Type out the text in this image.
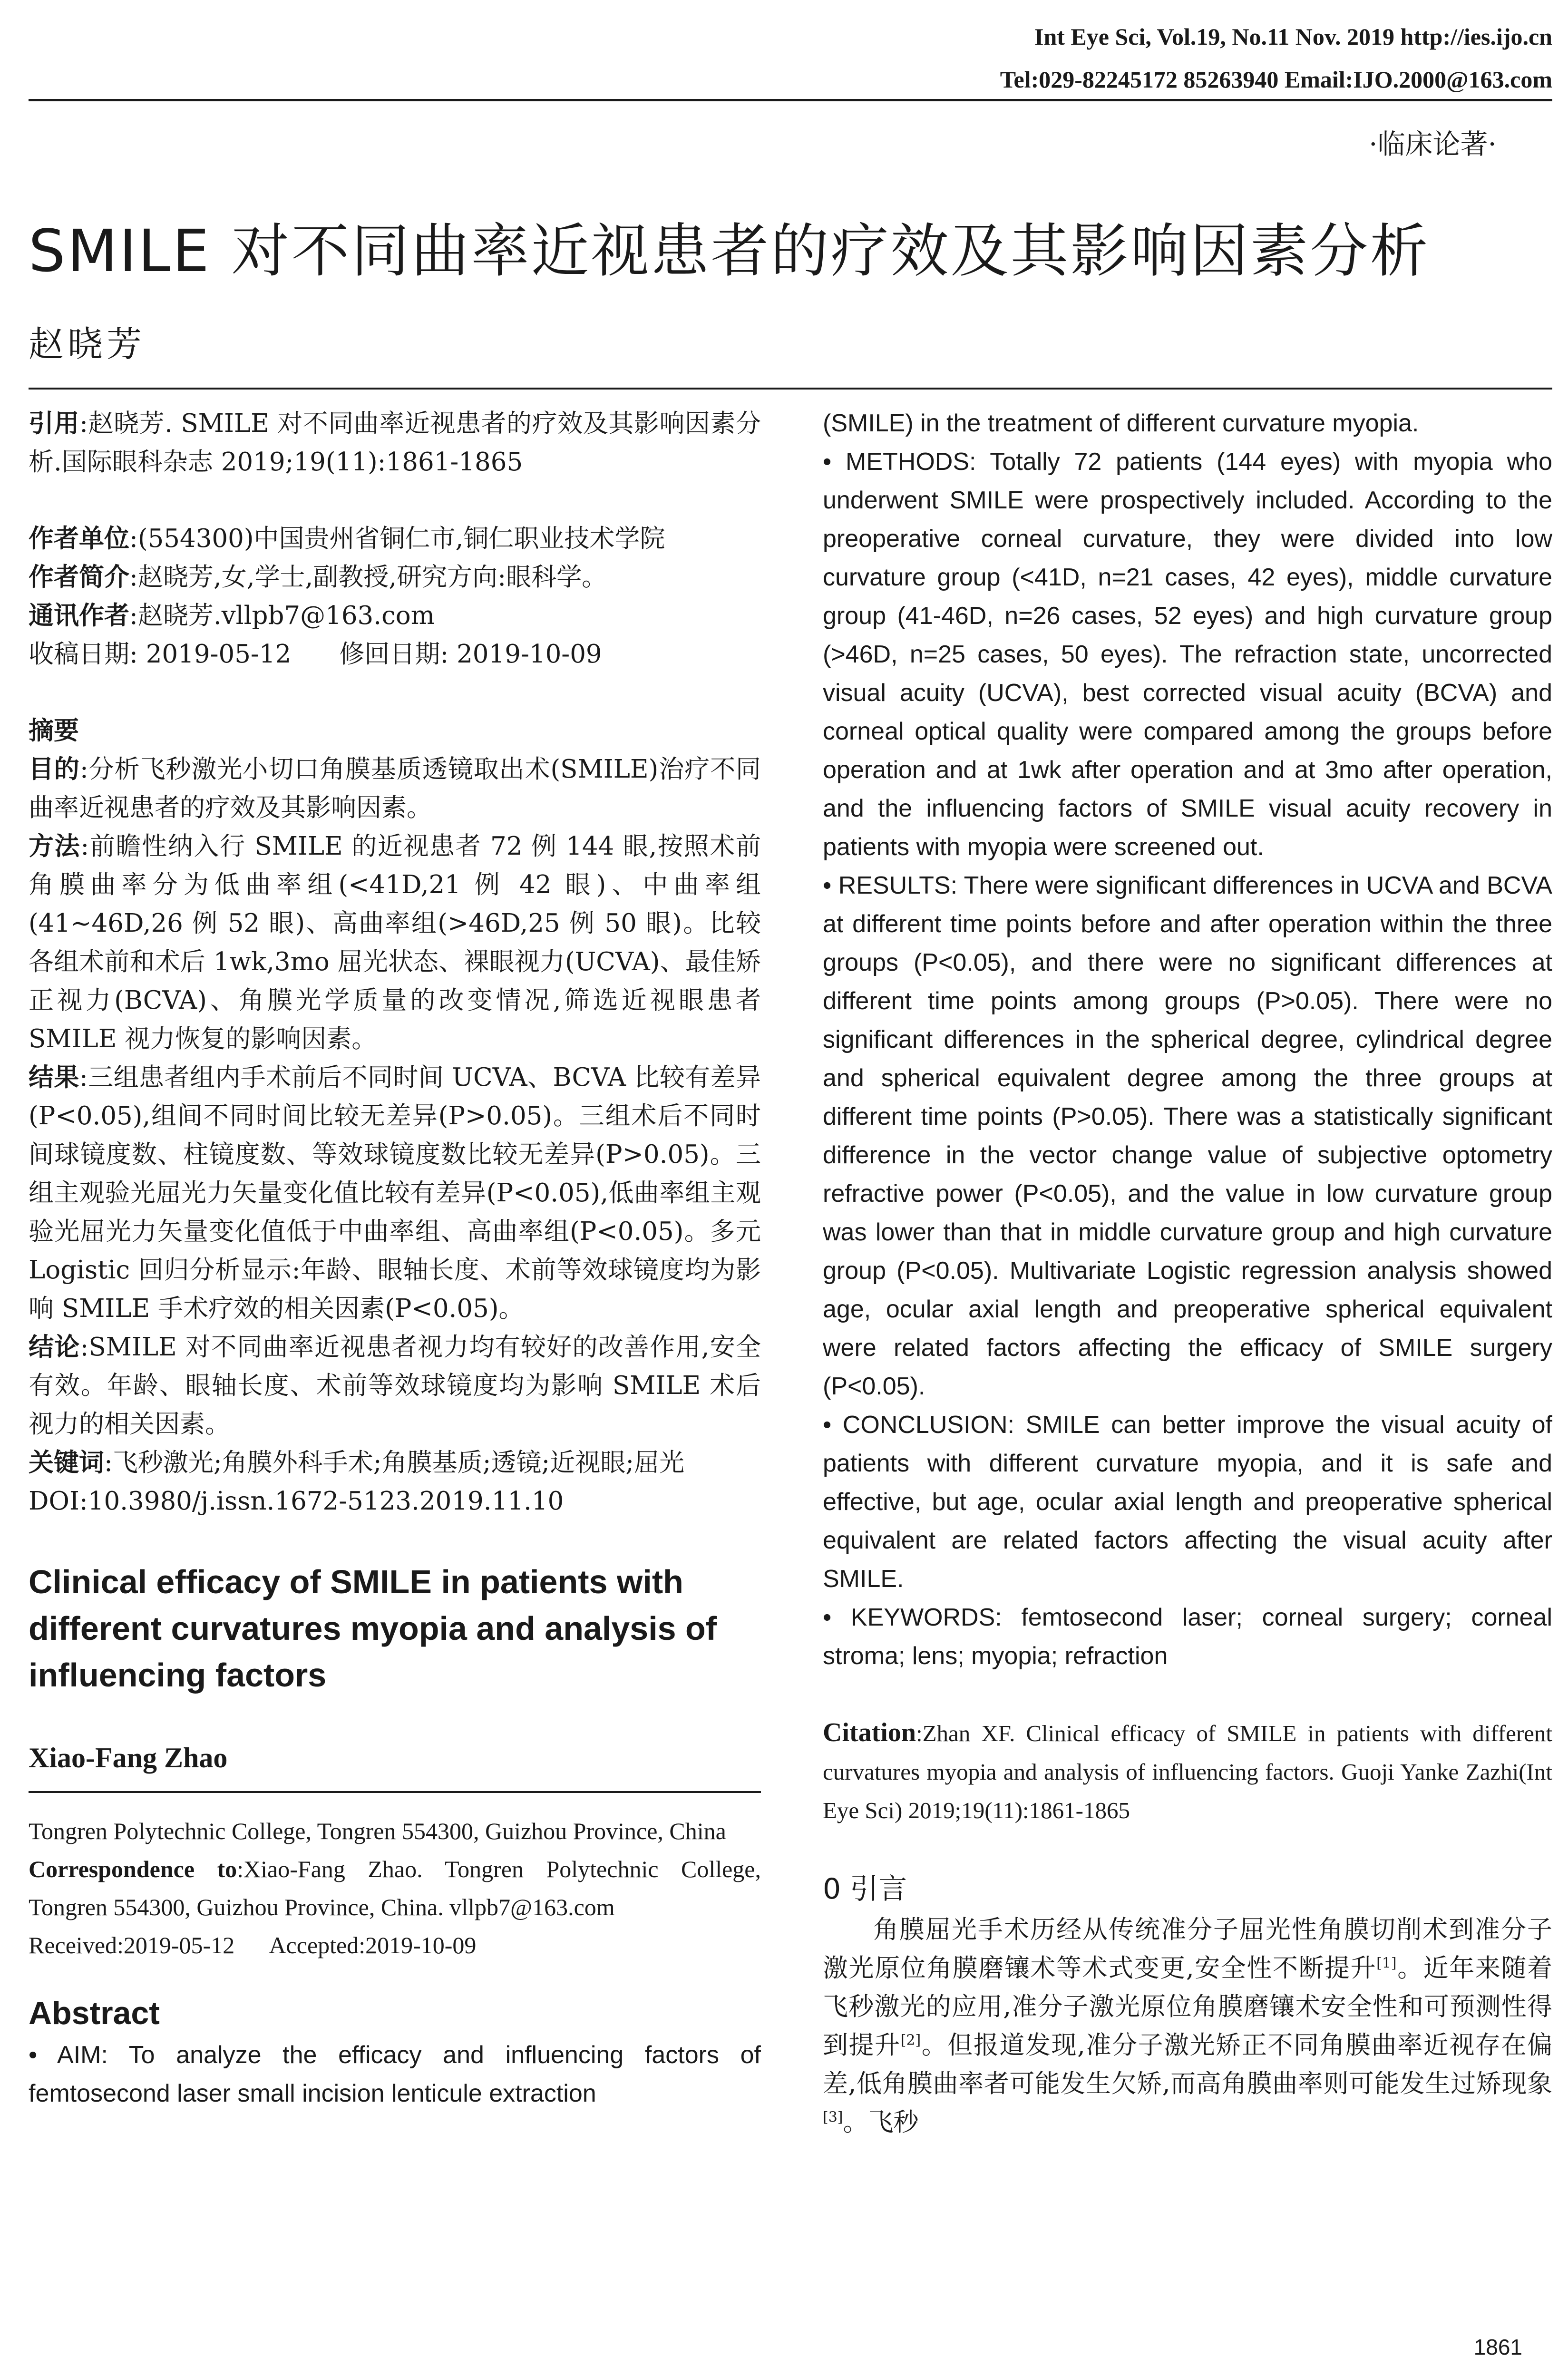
Int Eye Sci, Vol.19, No.11 Nov. 2019 http://ies.ijo.cn
Tel:029-82245172 85263940 Email:IJO.2000@163.com
·临床论著·
SMILE 对不同曲率近视患者的疗效及其影响因素分析
赵晓芳

引用:赵晓芳. SMILE 对不同曲率近视患者的疗效及其影响因素分析.国际眼科杂志 2019;19(11):1861-1865

作者单位:(554300)中国贵州省铜仁市,铜仁职业技术学院

作者简介:赵晓芳,女,学士,副教授,研究方向:眼科学。

通讯作者:赵晓芳.vllpb7@163.com

收稿日期: 2019-05-12      修回日期: 2019-10-09

摘要

目的:分析飞秒激光小切口角膜基质透镜取出术(SMILE)治疗不同曲率近视患者的疗效及其影响因素。

方法:前瞻性纳入行 SMILE 的近视患者 72 例 144 眼,按照术前角膜曲率分为低曲率组(<41D,21 例 42 眼)、中曲率组(41~46D,26 例 52 眼)、高曲率组(>46D,25 例 50 眼)。比较各组术前和术后 1wk,3mo 屈光状态、裸眼视力(UCVA)、最佳矫正视力(BCVA)、角膜光学质量的改变情况,筛选近视眼患者 SMILE 视力恢复的影响因素。

结果:三组患者组内手术前后不同时间 UCVA、BCVA 比较有差异(P<0.05),组间不同时间比较无差异(P>0.05)。三组术后不同时间球镜度数、柱镜度数、等效球镜度数比较无差异(P>0.05)。三组主观验光屈光力矢量变化值比较有差异(P<0.05),低曲率组主观验光屈光力矢量变化值低于中曲率组、高曲率组(P<0.05)。多元 Logistic 回归分析显示:年龄、眼轴长度、术前等效球镜度均为影响 SMILE 手术疗效的相关因素(P<0.05)。

结论:SMILE 对不同曲率近视患者视力均有较好的改善作用,安全有效。年龄、眼轴长度、术前等效球镜度均为影响 SMILE 术后视力的相关因素。

关键词:飞秒激光;角膜外科手术;角膜基质;透镜;近视眼;屈光

DOI:10.3980/j.issn.1672-5123.2019.11.10

Clinical efficacy of SMILE in patients with different curvatures myopia and analysis of influencing factors

Xiao-Fang Zhao

Tongren Polytechnic College, Tongren 554300, Guizhou Province, China

Correspondence to:Xiao-Fang Zhao. Tongren Polytechnic College, Tongren 554300, Guizhou Province, China. vllpb7@163.com

Received:2019-05-12      Accepted:2019-10-09

Abstract

• AIM: To analyze the efficacy and influencing factors of femtosecond laser small incision lenticule extraction

(SMILE) in the treatment of different curvature myopia.

• METHODS: Totally 72 patients (144 eyes) with myopia who underwent SMILE were prospectively included. According to the preoperative corneal curvature, they were divided into low curvature group (<41D, n=21 cases, 42 eyes), middle curvature group (41-46D, n=26 cases, 52 eyes) and high curvature group (>46D, n=25 cases, 50 eyes). The refraction state, uncorrected visual acuity (UCVA), best corrected visual acuity (BCVA) and corneal optical quality were compared among the groups before operation and at 1wk after operation and at 3mo after operation, and the influencing factors of SMILE visual acuity recovery in patients with myopia were screened out.

• RESULTS: There were significant differences in UCVA and BCVA at different time points before and after operation within the three groups (P<0.05), and there were no significant differences at different time points among groups (P>0.05). There were no significant differences in the spherical degree, cylindrical degree and spherical equivalent degree among the three groups at different time points (P>0.05). There was a statistically significant difference in the vector change value of subjective optometry refractive power (P<0.05), and the value in low curvature group was lower than that in middle curvature group and high curvature group (P<0.05). Multivariate Logistic regression analysis showed age, ocular axial length and preoperative spherical equivalent were related factors affecting the efficacy of SMILE surgery (P<0.05).

• CONCLUSION: SMILE can better improve the visual acuity of patients with different curvature myopia, and it is safe and effective, but age, ocular axial length and preoperative spherical equivalent are related factors affecting the visual acuity after SMILE.

• KEYWORDS: femtosecond laser; corneal surgery; corneal stroma; lens; myopia; refraction

Citation:Zhan XF. Clinical efficacy of SMILE in patients with different curvatures myopia and analysis of influencing factors. Guoji Yanke Zazhi(Int Eye Sci) 2019;19(11):1861-1865

0 引言

角膜屈光手术历经从传统准分子屈光性角膜切削术到准分子激光原位角膜磨镶术等术式变更,安全性不断提升[1]。近年来随着飞秒激光的应用,准分子激光原位角膜磨镶术安全性和可预测性得到提升[2]。但报道发现,准分子激光矫正不同角膜曲率近视存在偏差,低角膜曲率者可能发生欠矫,而高角膜曲率则可能发生过矫现象[3]。飞秒

1861
